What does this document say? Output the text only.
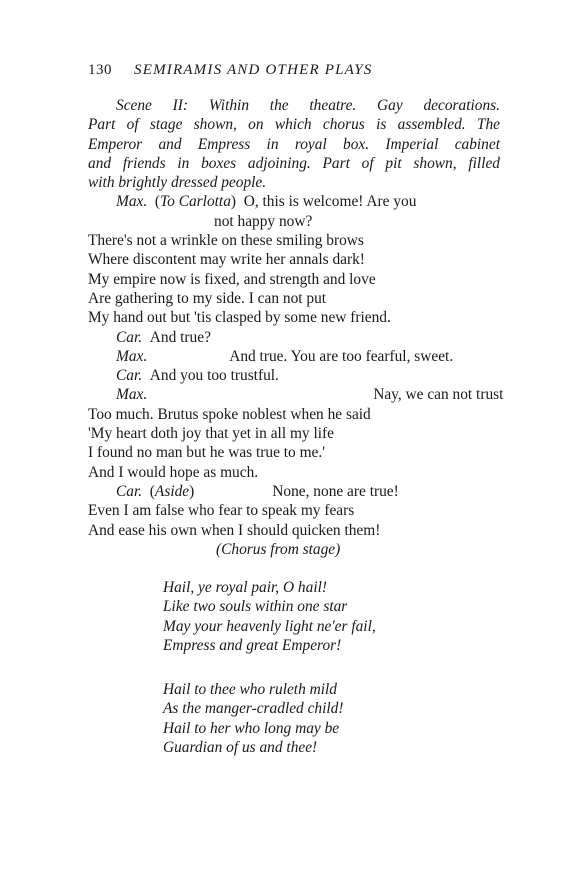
130 SEMIRAMIS AND OTHER PLAYS
Scene II: Within the theatre. Gay decorations.
Part of stage shown, on which chorus is assembled. The
Emperor and Empress in royal box. Imperial cabinet
and friends in boxes adjoining. Part of pit shown, filled
with brightly dressed people.
Max.  (To Carlotta)  O, this is welcome! Are you
not happy now?
There's not a wrinkle on these smiling brows
Where discontent may write her annals dark!
My empire now is fixed, and strength and love
Are gathering to my side. I can not put
My hand out but 'tis clasped by some new friend.
Car. And true?
Max.	And true. You are too fearful, sweet.
Car. And you too trustful.
Max.	Nay, we can not trust
Too much. Brutus spoke noblest when he said
'My heart doth joy that yet in all my life
I found no man but he was true to me.'
And I would hope as much.
Car.  (Aside)	None, none are true!
Even I am false who fear to speak my fears
And ease his own when I should quicken them!
(Chorus from stage)
Hail, ye royal pair, O hail!
Like two souls within one star
May your heavenly light ne'er fail,
Empress and great Emperor!
Hail to thee who ruleth mild
As the manger-cradled child!
Hail to her who long may be
Guardian of us and thee!
